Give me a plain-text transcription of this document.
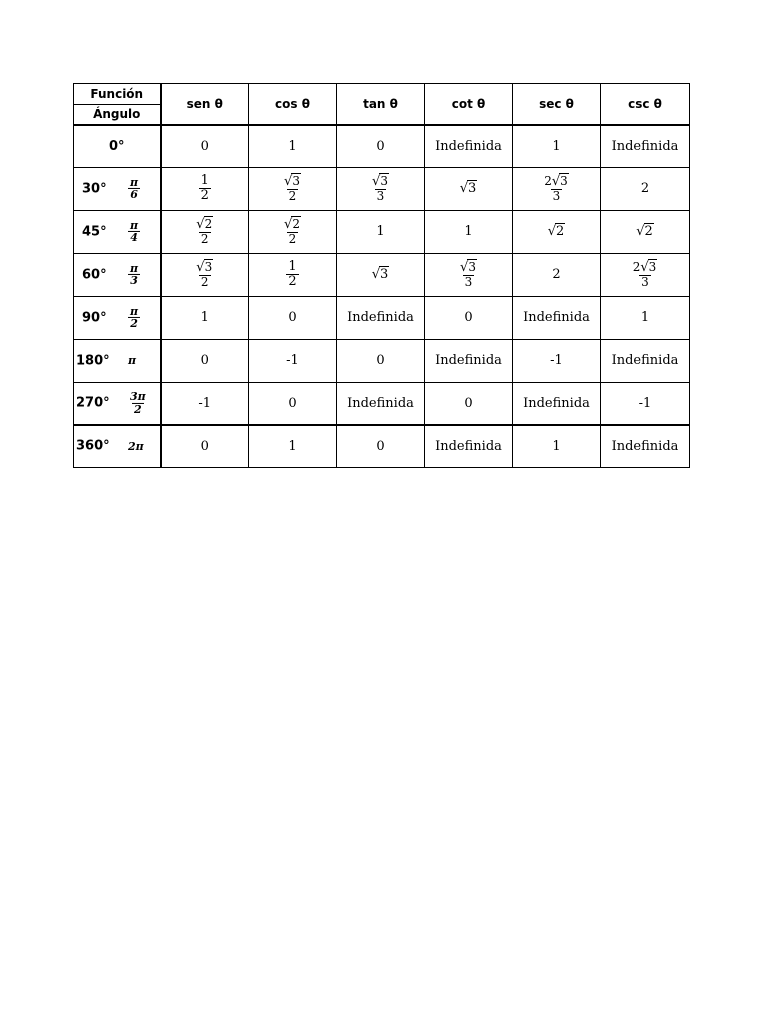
Función
Ángulo	sen θ	cos θ	tan θ	cot θ	sec θ	csc θ
0°	0	1	0	Indefinida	1	Indefinida

$30^\circ \frac{\pi}{6}$	$\frac{1}{2}$	$\frac{√3}{2}$	$\frac{√3}{3}$	√3	$\frac{2√3}{3}$	2

$45^\circ \frac{\pi}{4}$	$\frac{√2}{2}$	$\frac{√2}{2}$	1	1	√2	√2

$60^\circ \frac{\pi}{3}$	$\frac{√3}{2}$	$\frac{1}{2}$	√3	$\frac{√3}{3}$	2	$\frac{2√3}{3}$

$90^\circ \frac{\pi}{2}$	1	0	Indefinida	0	Indefinida	1

180° π	0	-1	0	Indefinida	-1	Indefinida

$270^\circ \frac{3\pi}{2}$	-1	0	Indefinida	0	Indefinida	-1

360° 2π	0	1	0	Indefinida	1	Indefinida
